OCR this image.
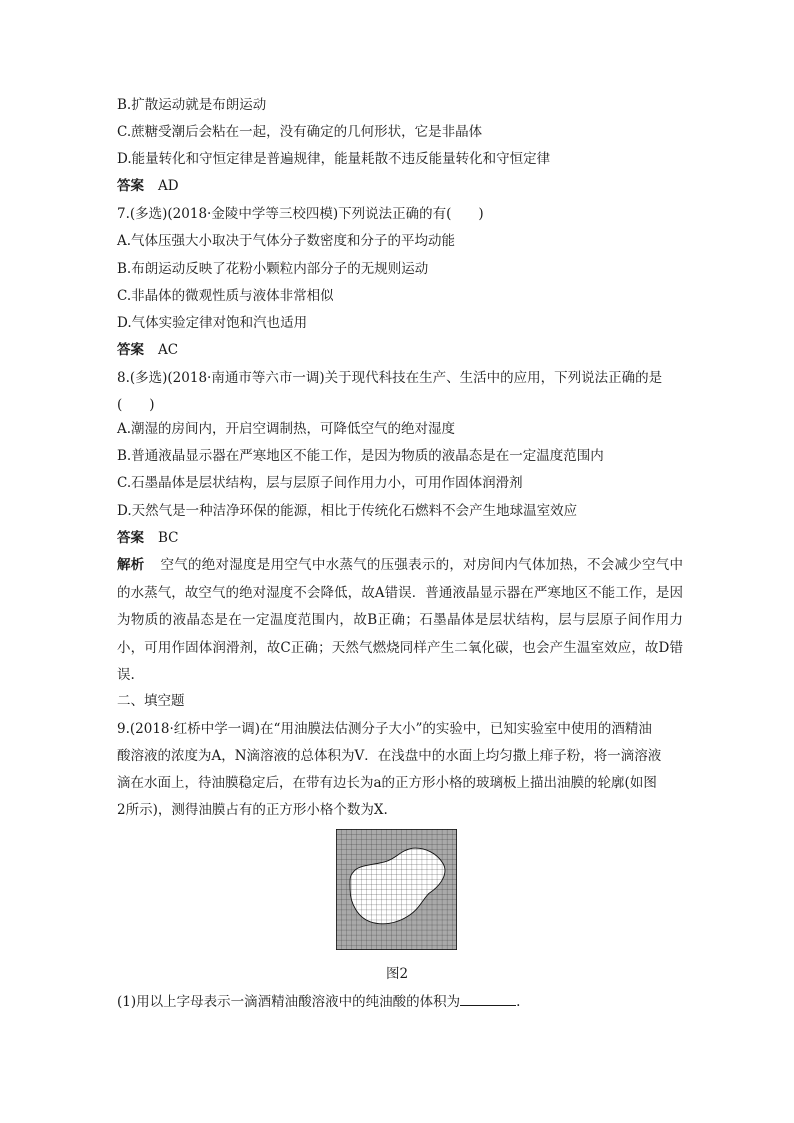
B.扩散运动就是布朗运动
C.蔗糖受潮后会粘在一起，没有确定的几何形状，它是非晶体
D.能量转化和守恒定律是普遍规律，能量耗散不违反能量转化和守恒定律
答案 AD
7.(多选)(2018·金陵中学等三校四模)下列说法正确的有(　　)
A.气体压强大小取决于气体分子数密度和分子的平均动能
B.布朗运动反映了花粉小颗粒内部分子的无规则运动
C.非晶体的微观性质与液体非常相似
D.气体实验定律对饱和汽也适用
答案 AC
8.(多选)(2018·南通市等六市一调)关于现代科技在生产、生活中的应用，下列说法正确的是
(　　)
A.潮湿的房间内，开启空调制热，可降低空气的绝对湿度
B.普通液晶显示器在严寒地区不能工作，是因为物质的液晶态是在一定温度范围内
C.石墨晶体是层状结构，层与层原子间作用力小，可用作固体润滑剂
D.天然气是一种洁净环保的能源，相比于传统化石燃料不会产生地球温室效应
答案 BC
解析 空气的绝对湿度是用空气中水蒸气的压强表示的，对房间内气体加热，不会减少空气中的水蒸气，故空气的绝对湿度不会降低，故A错误．普通液晶显示器在严寒地区不能工作，是因为物质的液晶态是在一定温度范围内，故B正确；石墨晶体是层状结构，层与层原子间作用力小，可用作固体润滑剂，故C正确；天然气燃烧同样产生二氧化碳，也会产生温室效应，故D错误.
二、填空题
9.(2018·红桥中学一调)在“用油膜法估测分子大小”的实验中，已知实验室中使用的酒精油
酸溶液的浓度为A，N滴溶液的总体积为V．在浅盘中的水面上均匀撒上痱子粉，将一滴溶液
滴在水面上，待油膜稳定后，在带有边长为a的正方形小格的玻璃板上描出油膜的轮廓(如图
2所示)，测得油膜占有的正方形小格个数为X.
图2
(1)用以上字母表示一滴酒精油酸溶液中的纯油酸的体积为	.
